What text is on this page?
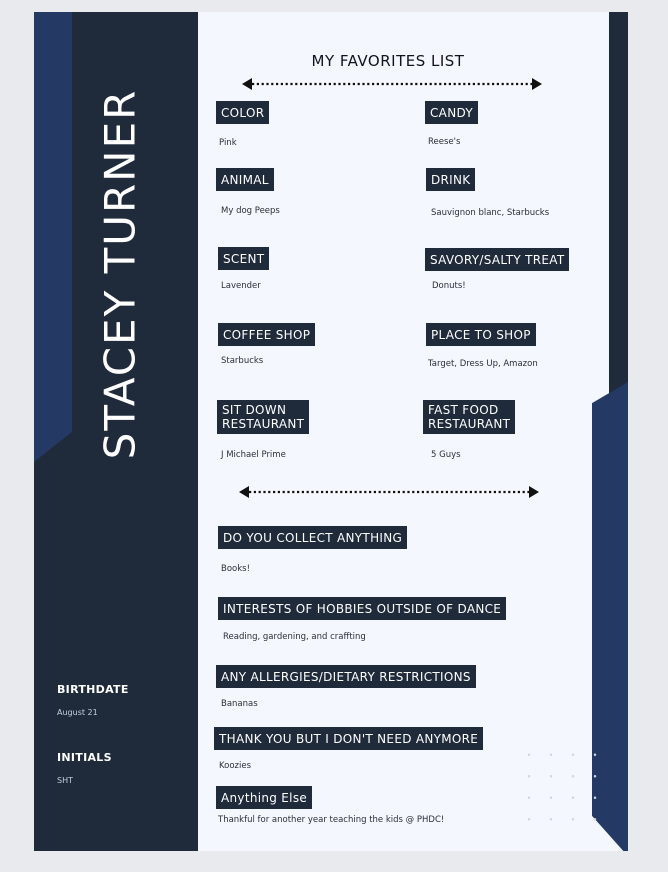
STACEY TURNER
BIRTHDATE
August 21
INITIALS
SHT
MY FAVORITES LIST
COLOR
Pink
CANDY
Reese's
ANIMAL
My dog Peeps
DRINK
Sauvignon blanc, Starbucks
SCENT
Lavender
SAVORY/SALTY TREAT
Donuts!
COFFEE SHOP
Starbucks
PLACE TO SHOP
Target, Dress Up, Amazon
SIT DOWN
RESTAURANT
J Michael Prime
FAST FOOD
RESTAURANT
5 Guys
DO YOU COLLECT ANYTHING
Books!
INTERESTS OF HOBBIES OUTSIDE OF DANCE
Reading, gardening, and craffting
ANY ALLERGIES/DIETARY RESTRICTIONS
Bananas
THANK YOU BUT I DON'T NEED ANYMORE
Koozies
Anything Else
Thankful for another year teaching the kids @ PHDC!
